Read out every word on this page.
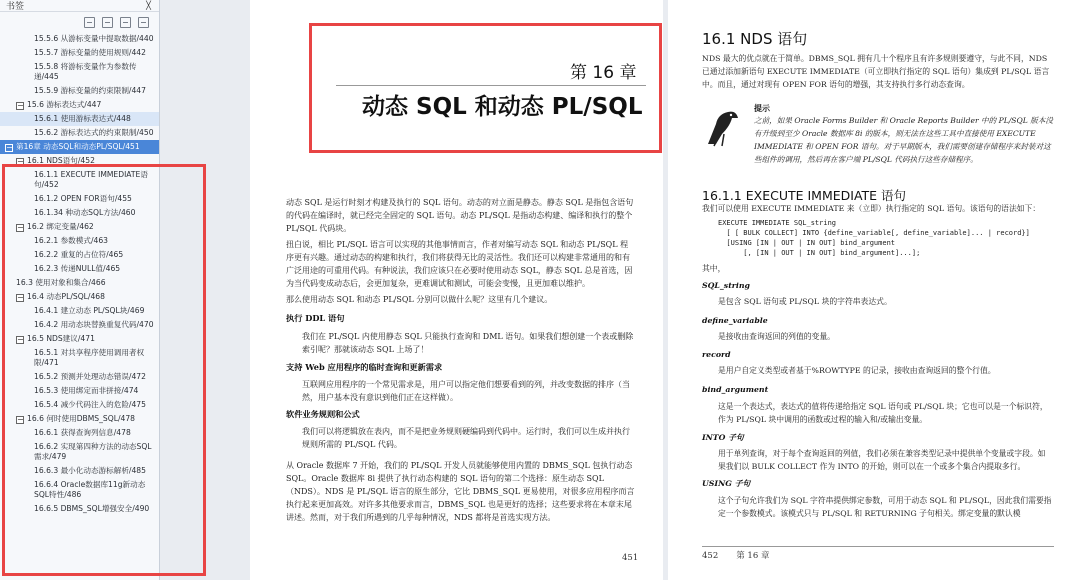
书签	╳
15.5.6 从游标变量中提取数据/440
15.5.7 游标变量的使用规则/442
15.5.8 将游标变量作为参数传递/445
15.5.9 游标变量的约束限制/447
− 15.6 游标表达式/447
15.6.1 使用游标表达式/448
15.6.2 游标表达式的约束限制/450
− 第16章 动态SQL和动态PL/SQL/451
− 16.1 NDS语句/452
16.1.1 EXECUTE IMMEDIATE语句/452
16.1.2 OPEN FOR语句/455
16.1.34 种动态SQL方法/460
− 16.2 绑定变量/462
16.2.1 参数模式/463
16.2.2 重复的占位符/465
16.2.3 传递NULL值/465
16.3 使用对象和集合/466
− 16.4 动态PL/SQL/468
16.4.1 建立动态 PL/SQL块/469
16.4.2 用动态块替换重复代码/470
− 16.5 NDS建议/471
16.5.1 对共享程序使用调用者权限/471
16.5.2 预测并处理动态错误/472
16.5.3 使用绑定而非拼接/474
16.5.4 减少代码注入的危险/475
− 16.6 何时使用DBMS_SQL/478
16.6.1 获得查询列信息/478
16.6.2 实现第四种方法的动态SQL需求/479
16.6.3 最小化动态游标解析/485
16.6.4 Oracle数据库11g新动态SQL特性/486
16.6.5 DBMS_SQL增强安全/490
第 16 章
动态 SQL 和动态 PL/SQL
动态 SQL 是运行时刻才构建及执行的 SQL 语句。动态的对立面是静态。静态 SQL 是指包含语句的代码在编译时，就已经完全固定的 SQL 语句。动态 PL/SQL 是指动态构建、编译和执行的整个 PL/SQL 代码块。
扭白说，相比 PL/SQL 语言可以实现的其他事情而言，作者对编写动态 SQL 和动态 PL/SQL 程序更有兴趣。通过动态的构建和执行，我们将获得无比的灵活性。我们还可以构建非常通用的和有广泛用途的可重用代码。有种说法，我们应该只在必要时使用动态 SQL，静态 SQL 总是首选，因为当代码变成动态后，会更加复杂，更难调试和测试，可能会变慢，且更加难以维护。
那么使用动态 SQL 和动态 PL/SQL 分别可以做什么呢？这里有几个建议。
执行 DDL 语句
我们在 PL/SQL 内使用静态 SQL 只能执行查询和 DML 语句。如果我们想创建一个表或删除索引呢？那就该动态 SQL 上场了！
支持 Web 应用程序的临时查询和更新需求
互联网应用程序的一个常见需求是，用户可以指定他们想要看到的列，并改变数据的排序（当然，用户基本没有意识到他们正在这样做）。
软件业务规则和公式
我们可以将逻辑放在表内，而不是把业务规则硬编码到代码中。运行时，我们可以生成并执行规则所需的 PL/SQL 代码。
从 Oracle 数据库 7 开始，我们的 PL/SQL 开发人员就能够使用内置的 DBMS_SQL 包执行动态 SQL。Oracle 数据库 8i 提供了执行动态构建的 SQL 语句的第二个选择：原生动态 SQL（NDS）。NDS 是 PL/SQL 语言的原生部分，它比 DBMS_SQL 更易使用，对很多应用程序而言执行起来更加高效。对许多其他要求而言，DBMS_SQL 也是更好的选择；这些要求将在本章末尾讲述。然而，对于我们所遇到的几乎每种情况，NDS 都将是首选实现方法。
451
16.1 NDS 语句
NDS 最大的优点就在于简单。DBMS_SQL 拥有几十个程序且有许多规则要遵守，与此不同，NDS 已通过添加新语句 EXECUTE IMMEDIATE（可立即执行指定的 SQL 语句）集成到 PL/SQL 语言中。而且，通过对现有 OPEN FOR 语句的增强，其支持执行多行动态查询。
提示
之前，如果 Oracle Forms Builder 和 Oracle Reports Builder 中的 PL/SQL 版本没有升级到至少 Oracle 数据库 8i 的版本，则无法在这些工具中直接使用 EXECUTE IMMEDIATE 和 OPEN FOR 语句。对于早期版本，我们需要创建存储程序来封装对这些组件的调用，然后再在客户端 PL/SQL 代码执行这些存储程序。
16.1.1 EXECUTE IMMEDIATE 语句
我们可以使用 EXECUTE IMMEDIATE 来（立即）执行指定的 SQL 语句。该语句的语法如下：
EXECUTE IMMEDIATE SQL_string
[ [ BULK COLLECT] INTO {define_variable[, define_variable]... | record}]
[USING [IN | OUT | IN OUT] bind_argument
[, [IN | OUT | IN OUT] bind_argument]...];
其中，
SQL_string
是包含 SQL 语句或 PL/SQL 块的字符串表达式。
define_variable
是接收由查询返回的列值的变量。
record
是用户自定义类型或者基于%ROWTYPE 的记录，接收由查询返回的整个行值。
bind_argument
这是一个表达式，表达式的值将传递给指定 SQL 语句或 PL/SQL 块；它也可以是一个标识符，作为 PL/SQL 块中调用的函数或过程的输入和/或输出变量。
INTO 子句
用于单列查询，对于每个查询返回的列值，我们必须在兼容类型记录中提供单个变量或字段。如果我们以 BULK COLLECT 作为 INTO 的开始，则可以在一个或多个集合内提取多行。
USING 子句
这个子句允许我们为 SQL 字符串提供绑定参数，可用于动态 SQL 和 PL/SQL，因此我们需要指定一个参数模式。该模式只与 PL/SQL 和 RETURNING 子句相关。绑定变量的默认模
452 第 16 章
